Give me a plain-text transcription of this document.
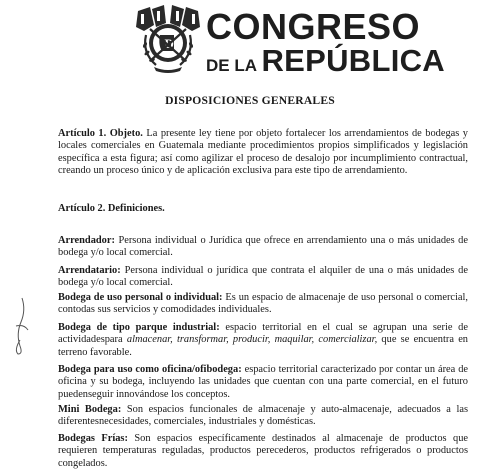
D CONGRESO
DE LA REPÚBLICA
DISPOSICIONES GENERALES
Artículo 1. Objeto. La presente ley tiene por objeto fortalecer los arrendamientos de bodegas y locales comerciales en Guatemala mediante procedimientos propios simplificados y legislación específica a esta figura; así como agilizar el proceso de desalojo por incumplimiento contractual, creando un proceso único y de aplicación exclusiva para este tipo de arrendamiento.
Artículo 2. Definiciones.
Arrendador: Persona individual o Jurídica que ofrece en arrendamiento una o más unidades de bodega y/o local comercial.
Arrendatario: Persona individual o jurídica que contrata el alquiler de una o más unidades de bodega y/o local comercial.
Bodega de uso personal o individual: Es un espacio de almacenaje de uso personal o comercial, contodas sus servicios y comodidades individuales.
Bodega de tipo parque industrial: espacio territorial en el cual se agrupan una serie de actividadespara almacenar, transformar, producir, maquilar, comercializar, que se encuentra en terreno favorable.
Bodega para uso como oficina/ofibodega: espacio territorial caracterizado por contar un área de oficina y su bodega, incluyendo las unidades que cuentan con una parte comercial, en el futuro puedenseguir innovándose los conceptos.
Mini Bodega: Son espacios funcionales de almacenaje y auto-almacenaje, adecuados a las diferentesnecesidades, comerciales, industriales y domésticas.
Bodegas Frías: Son espacios específicamente destinados al almacenaje de productos que requieren temperaturas reguladas, productos perecederos, productos refrigerados o productos congelados.
